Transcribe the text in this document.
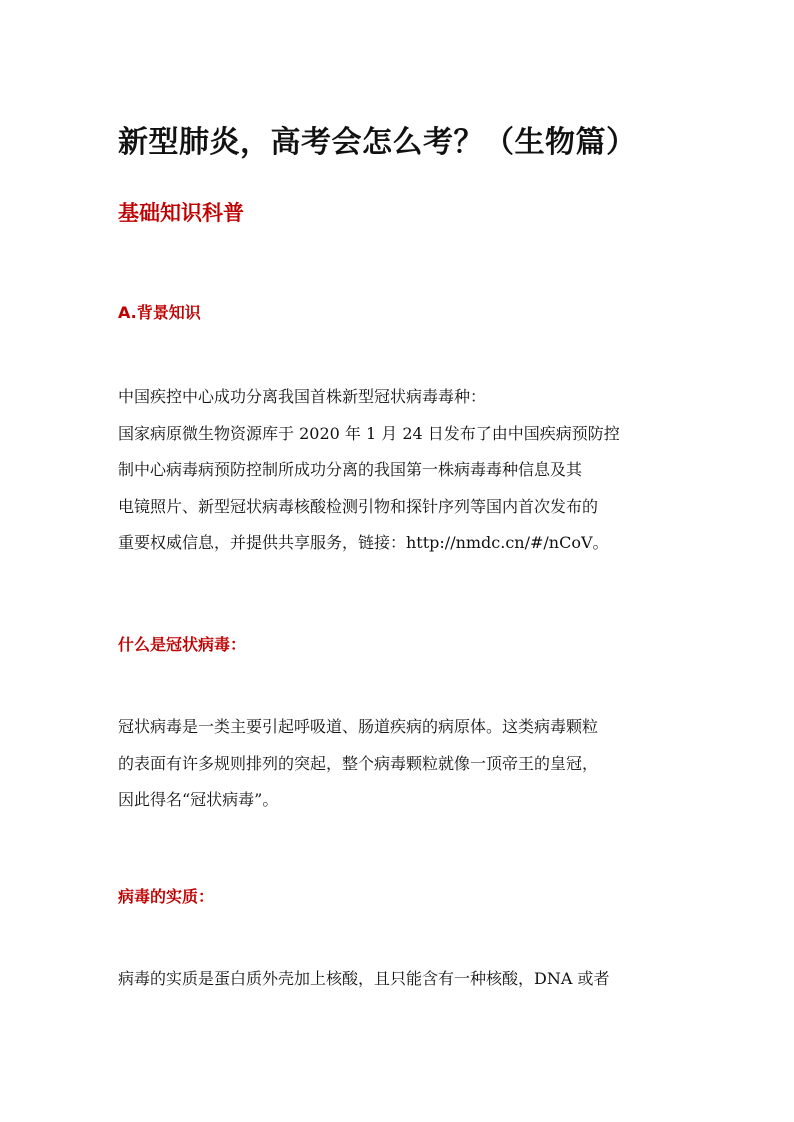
新型肺炎，高考会怎么考？（生物篇）
基础知识科普
A.背景知识
中国疾控中心成功分离我国首株新型冠状病毒毒种：
国家病原微生物资源库于 2020 年 1 月 24 日发布了由中国疾病预防控
制中心病毒病预防控制所成功分离的我国第一株病毒毒种信息及其
电镜照片、新型冠状病毒核酸检测引物和探针序列等国内首次发布的
重要权威信息，并提供共享服务，链接：http://nmdc.cn/#/nCoV。
什么是冠状病毒：
冠状病毒是一类主要引起呼吸道、肠道疾病的病原体。这类病毒颗粒
的表面有许多规则排列的突起，整个病毒颗粒就像一顶帝王的皇冠，
因此得名“冠状病毒”。
病毒的实质：
病毒的实质是蛋白质外壳加上核酸，且只能含有一种核酸，DNA 或者
